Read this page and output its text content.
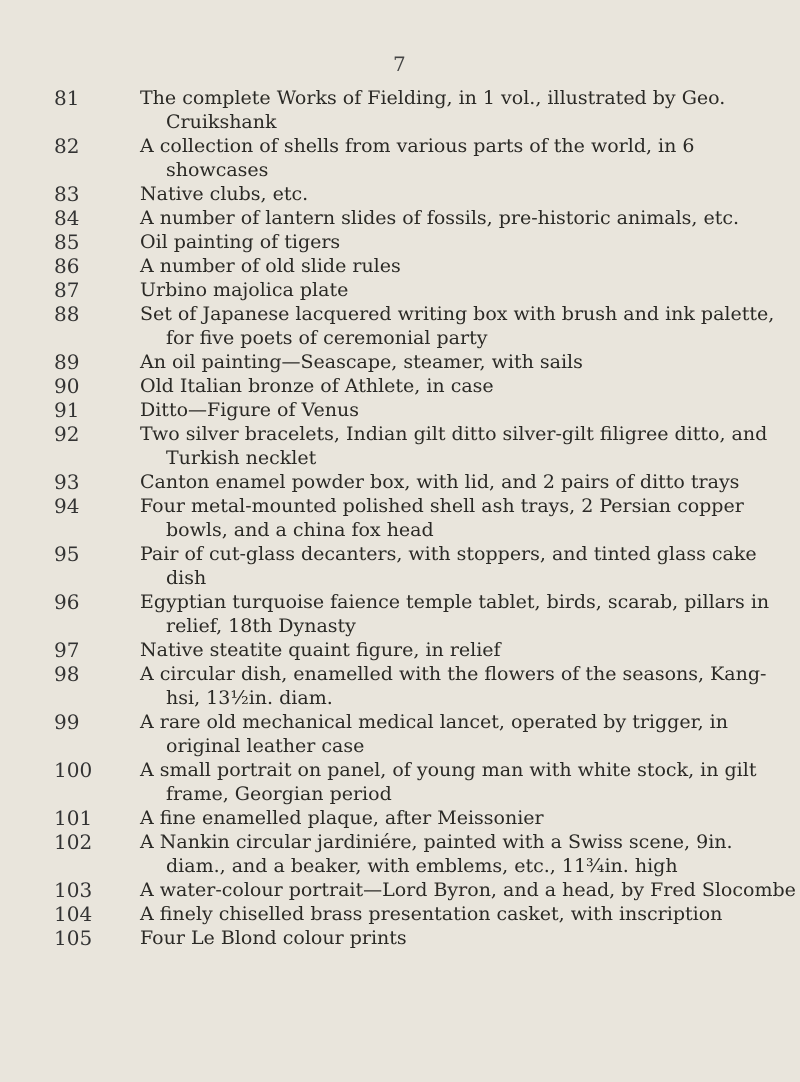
7
81	The complete Works of Fielding, in 1 vol., illustrated by Geo. Cruikshank
82	A collection of shells from various parts of the world, in 6 showcases
83	Native clubs, etc.
84	A number of lantern slides of fossils, pre-historic animals, etc.
85	Oil painting of tigers
86	A number of old slide rules
87	Urbino majolica plate
88	Set of Japanese lacquered writing box with brush and ink palette, for five poets of ceremonial party
89	An oil painting—Seascape, steamer, with sails
90	Old Italian bronze of Athlete, in case
91	Ditto—Figure of Venus
92	Two silver bracelets, Indian gilt ditto silver-gilt filigree ditto, and Turkish necklet
93	Canton enamel powder box, with lid, and 2 pairs of ditto trays
94	Four metal-mounted polished shell ash trays, 2 Persian copper bowls, and a china fox head
95	Pair of cut-glass decanters, with stoppers, and tinted glass cake dish
96	Egyptian turquoise faience temple tablet, birds, scarab, pillars in relief, 18th Dynasty
97	Native steatite quaint figure, in relief
98	A circular dish, enamelled with the flowers of the seasons, Kang-hsi, 13½in. diam.
99	A rare old mechanical medical lancet, operated by trigger, in original leather case
100	A small portrait on panel, of young man with white stock, in gilt frame, Georgian period
101	A fine enamelled plaque, after Meissonier
102	A Nankin circular jardiniére, painted with a Swiss scene, 9in. diam., and a beaker, with emblems, etc., 11¾in. high
103	A water-colour portrait—Lord Byron, and a head, by Fred Slocombe
104	A finely chiselled brass presentation casket, with inscription
105	Four Le Blond colour prints
